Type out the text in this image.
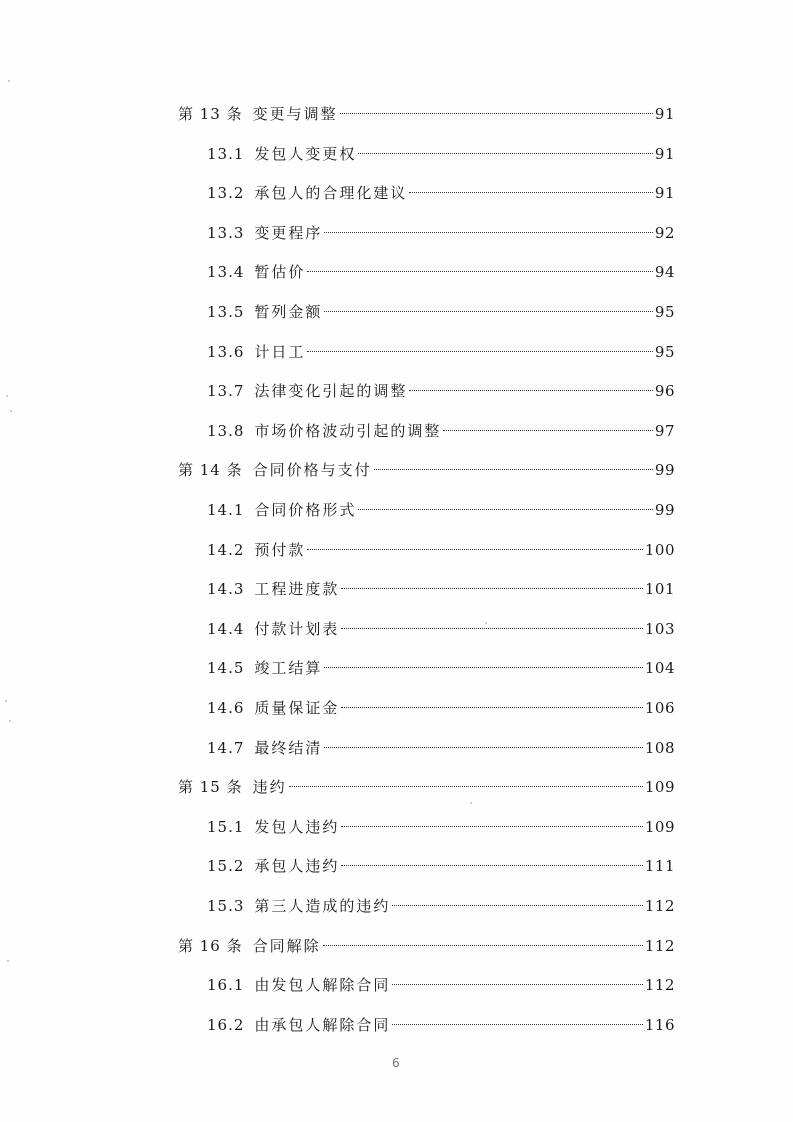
第 13 条 变更与调整	91
13.1 发包人变更权	91
13.2 承包人的合理化建议	91
13.3 变更程序	92
13.4 暂估价	94
13.5 暂列金额	95
13.6 计日工	95
13.7 法律变化引起的调整	96
13.8 市场价格波动引起的调整	97
第 14 条 合同价格与支付	99
14.1 合同价格形式	99
14.2 预付款	100
14.3 工程进度款	101
14.4 付款计划表	103
14.5 竣工结算	104
14.6 质量保证金	106
14.7 最终结清	108
第 15 条 违约	109
15.1 发包人违约	109
15.2 承包人违约	111
15.3 第三人造成的违约	112
第 16 条 合同解除	112
16.1 由发包人解除合同	112
16.2 由承包人解除合同	116
6
